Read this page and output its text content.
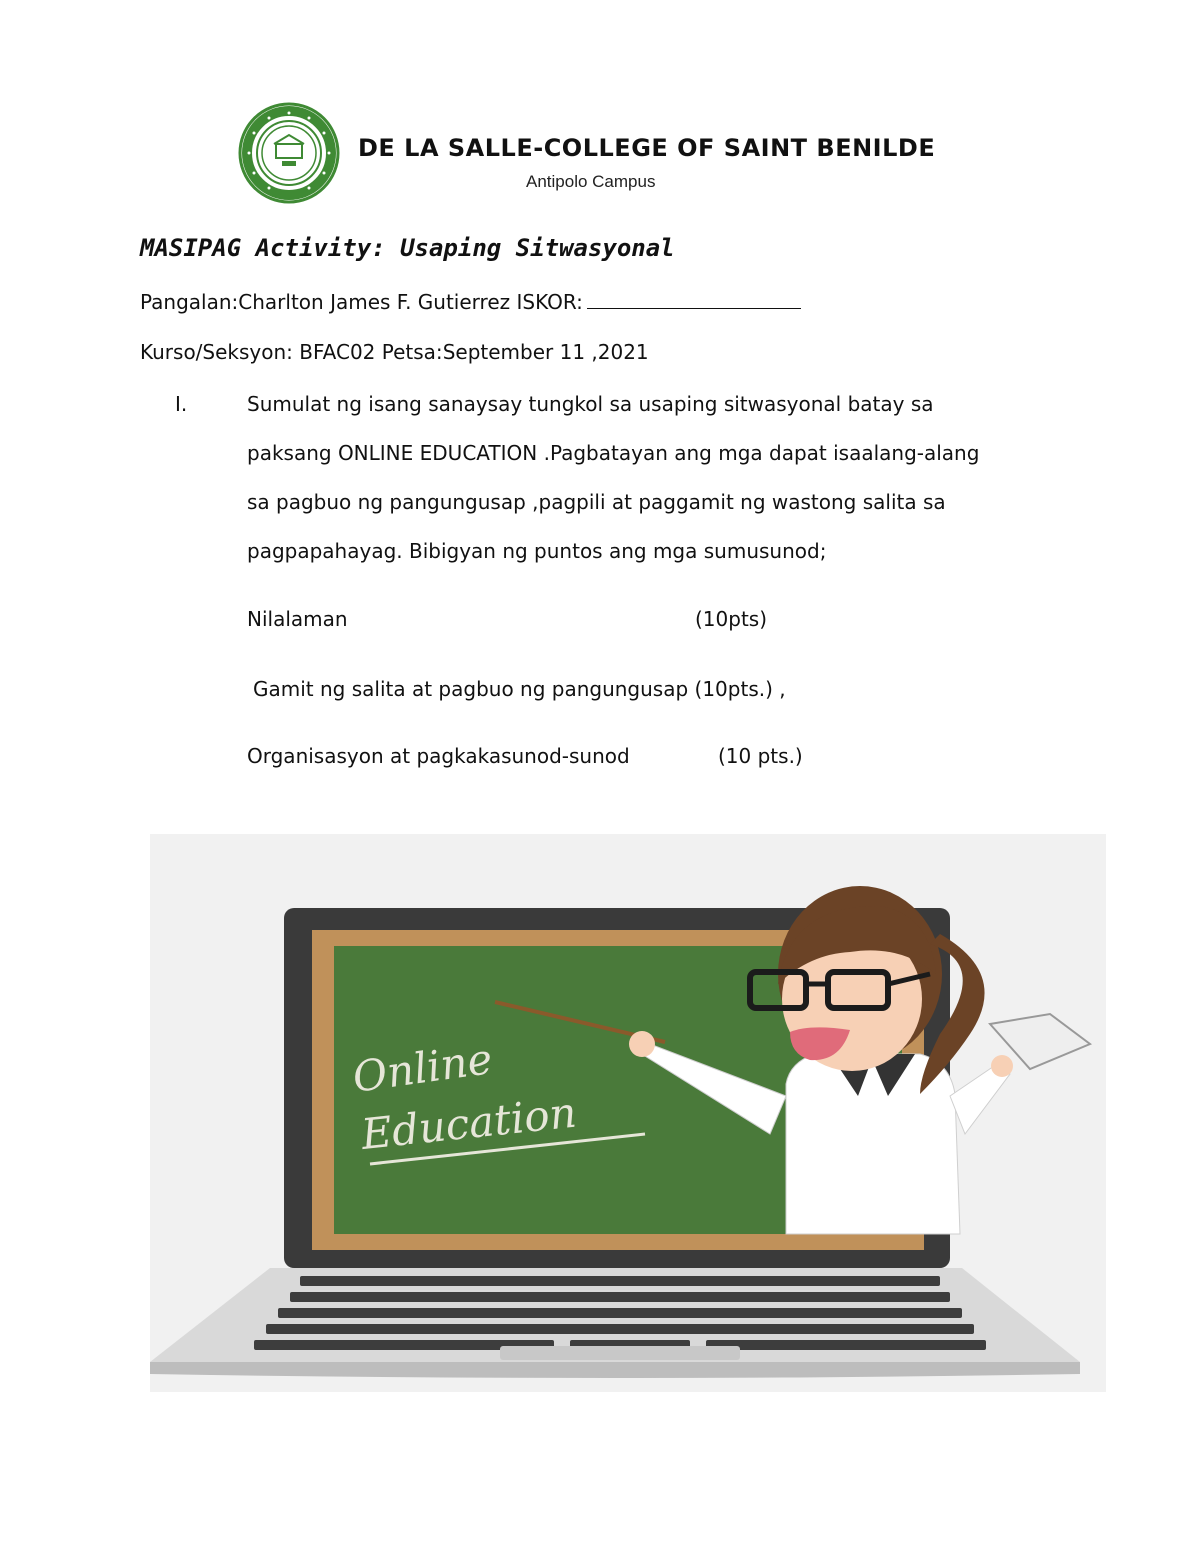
DE LA SALLE-COLLEGE OF SAINT BENILDE
Antipolo Campus
MASIPAG Activity: Usaping Sitwasyonal
Pangalan:Charlton James F. Gutierrez ISKOR:
Kurso/Seksyon: BFAC02 Petsa:September 11 ,2021
I.	Sumulat ng isang sanaysay tungkol sa usaping sitwasyonal batay sa
paksang ONLINE EDUCATION .Pagbatayan ang mga dapat isaalang-alang
sa pagbuo ng pangungusap ,pagpili at paggamit ng wastong salita sa
pagpapahayag. Bibigyan ng puntos ang mga sumusunod;
Nilalaman	(10pts)
Gamit ng salita at pagbuo ng pangungusap (10pts.) ,
Organisasyon at pagkakasunod-sunod	(10 pts.)
Online
Education
